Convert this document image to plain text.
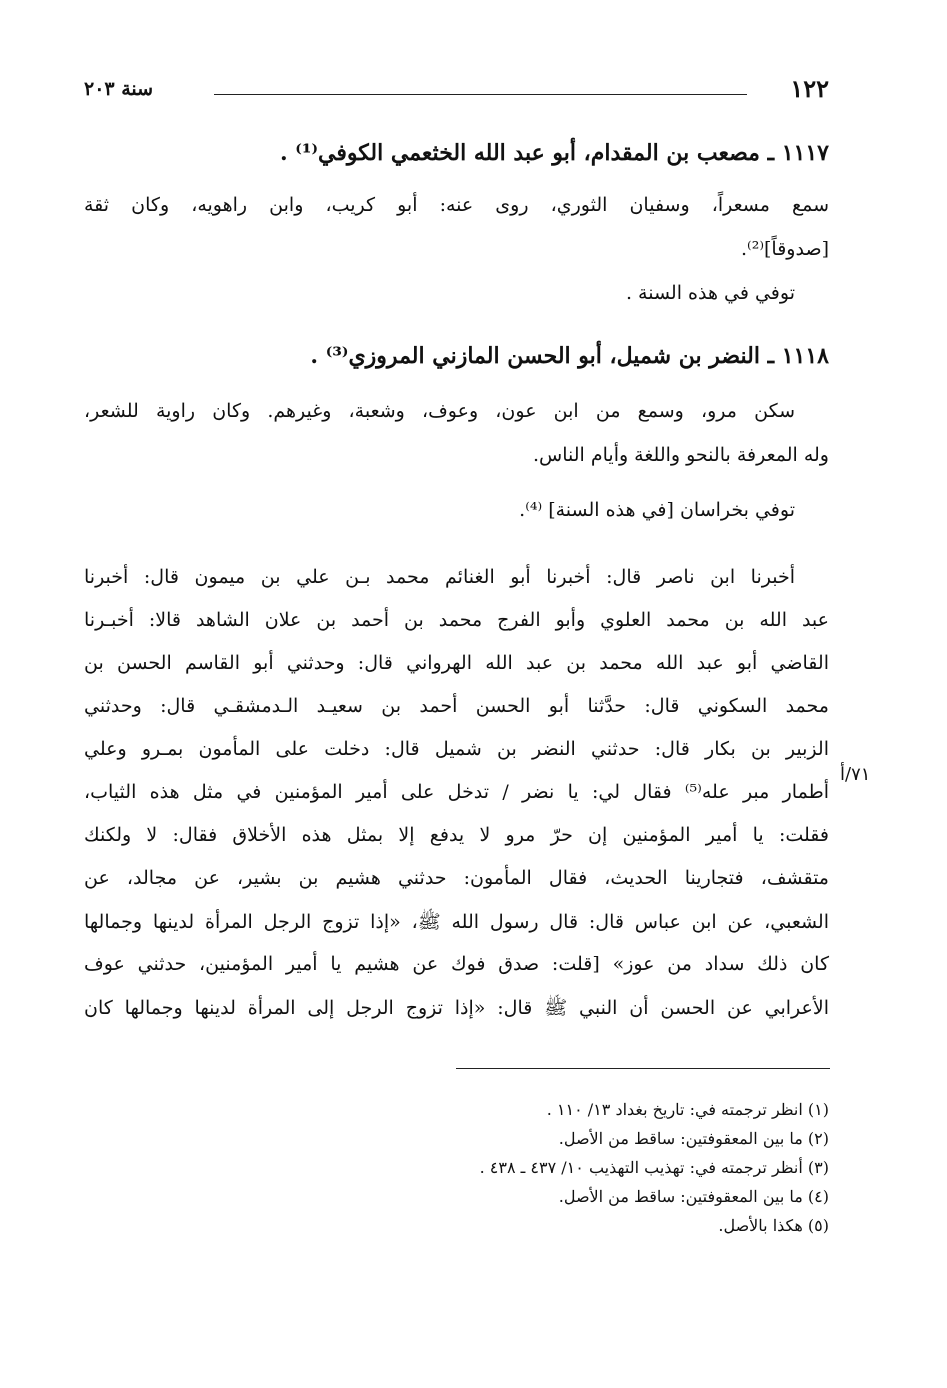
١٢٢
سنة ٢٠٣
١١١٧ ـ مصعب بن المقدام، أبو عبد الله الخثعمي الكوفي⁽¹⁾ .
سمع مسعراً، وسفيان الثوري، روى عنه: أبو كريب، وابن راهويه، وكان ثقة
[صدوقاً]⁽²⁾.
توفي في هذه السنة .
١١١٨ ـ النضر بن شميل، أبو الحسن المازني المروزي⁽³⁾ .
سكن مرو، وسمع من ابن عون، وعوف، وشعبة، وغيرهم. وكان راوية للشعر،
وله المعرفة بالنحو واللغة وأيام الناس.
توفي بخراسان [في هذه السنة] ⁽⁴⁾.
أخبرنا ابن ناصر قال: أخبرنا أبو الغنائم محمد بـن علي بن ميمون قال: أخبرنا
عبد الله بن محمد العلوي وأبو الفرج محمد بن أحمد بن علان الشاهد قالا: أخبـرنا
القاضي أبو عبد الله محمد بن عبد الله الهرواني قال: وحدثني أبو القاسم الحسن بن
محمد السكوني قال: حدَّثنا أبو الحسن أحمد بن سعيـد الـدمشقـي قال: وحدثني
الزبير بن بكار قال: حدثني النضر بن شميل قال: دخلت على المأمون بمـرو وعلي
أطمار مبر عله⁽⁵⁾ فقال لي: يا نضر / تدخل على أمير المؤمنين في مثل هذه الثياب،
فقلت: يا أمير المؤمنين إن حرّ مرو لا يدفع إلا بمثل هذه الأخلاق فقال: لا ولكنك
متقشف، فتجارينا الحديث، فقال المأمون: حدثني هشيم بن بشير، عن مجالد، عن
الشعبي، عن ابن عباس قال: قال رسول الله ﷺ، «إذا تزوج الرجل المرأة لدينها وجمالها
كان ذلك سداد من عوز» [قلت: صدق فوك عن هشيم يا أمير المؤمنين، حدثني عوف
الأعرابي عن الحسن أن النبي ﷺ قال: «إذا تزوج الرجل إلى المرأة لدينها وجمالها كان
٧١/أ
(١) انظر ترجمته في: تاريخ بغداد ١٣/ ١١٠ .
(٢) ما بين المعقوفتين: ساقط من الأصل.
(٣) أنظر ترجمته في: تهذيب التهذيب ١٠/ ٤٣٧ ـ ٤٣٨ .
(٤) ما بين المعقوفتين: ساقط من الأصل.
(٥) هكذا بالأصل.
